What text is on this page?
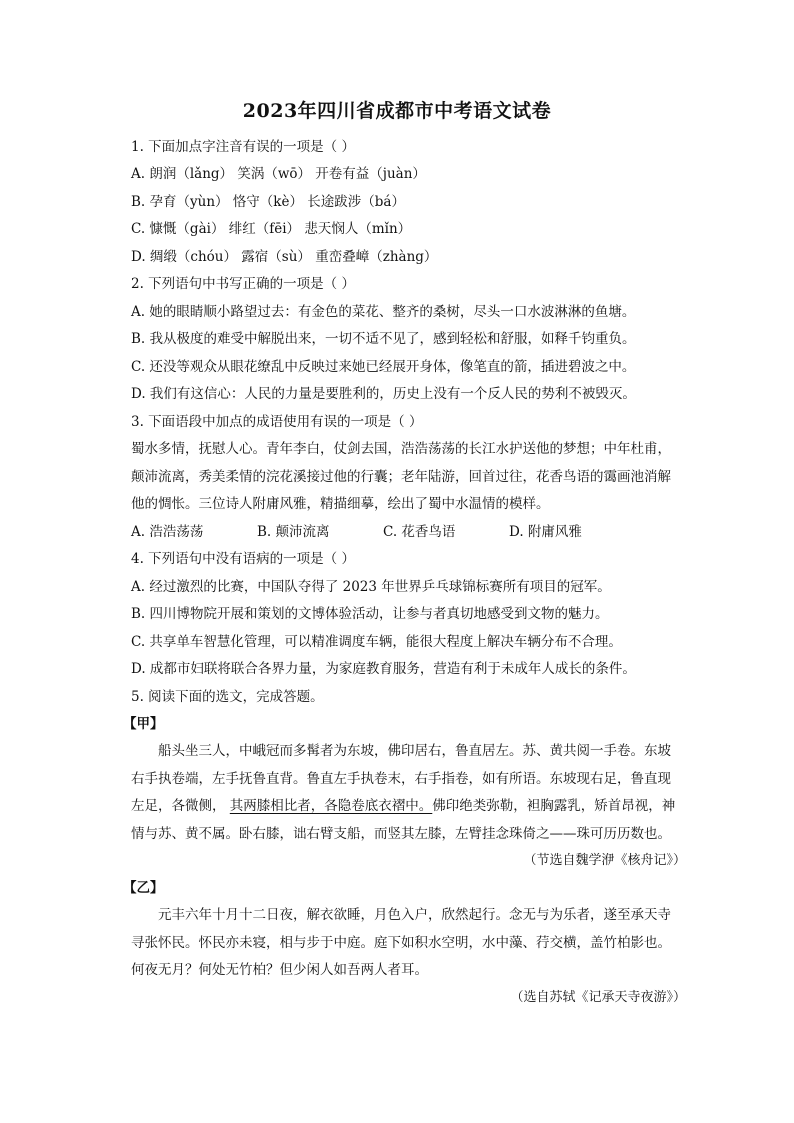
2023年四川省成都市中考语文试卷
1. 下面加点字注音有误的一项是（ ）
A. 朗润（lǎng） 笑涡（wō） 开卷有益（juàn）
B. 孕育（yùn） 恪守（kè） 长途跋涉（bá）
C. 慷慨（gài） 绯红（fēi） 悲天悯人（mǐn）
D. 绸缎（chóu） 露宿（sù） 重峦叠嶂（zhàng）
2. 下列语句中书写正确的一项是（ ）
A. 她的眼睛顺小路望过去：有金色的菜花、整齐的桑树，尽头一口水波淋淋的鱼塘。
B. 我从极度的难受中解脱出来，一切不适不见了，感到轻松和舒服，如释千钧重负。
C. 还没等观众从眼花缭乱中反映过来她已经展开身体，像笔直的箭，插进碧波之中。
D. 我们有这信心：人民的力量是要胜利的，历史上没有一个反人民的势利不被毁灭。
3. 下面语段中加点的成语使用有误的一项是（ ）
蜀水多情，抚慰人心。青年李白，仗剑去国，浩浩荡荡的长江水护送他的梦想；中年杜甫，
颠沛流离，秀美柔情的浣花溪接过他的行囊；老年陆游，回首过往，花香鸟语的霭画池消解
他的惆怅。三位诗人附庸风雅，精描细摹，绘出了蜀中水温情的模样。
A. 浩浩荡荡	B. 颠沛流离	C. 花香鸟语	D. 附庸风雅
4. 下列语句中没有语病的一项是（ ）
A. 经过激烈的比赛，中国队夺得了 2023 年世界乒乓球锦标赛所有项目的冠军。
B. 四川博物院开展和策划的文博体验活动，让参与者真切地感受到文物的魅力。
C. 共享单车智慧化管理，可以精准调度车辆，能很大程度上解决车辆分布不合理。
D. 成都市妇联将联合各界力量，为家庭教育服务，营造有利于未成年人成长的条件。
5. 阅读下面的选文，完成答题。
【甲】
船头坐三人，中峨冠而多髯者为东坡，佛印居右，鲁直居左。苏、黄共阅一手卷。东坡
右手执卷端，左手抚鲁直背。鲁直左手执卷末，右手指卷，如有所语。东坡现右足，鲁直现
左足，各微侧， 其两膝相比者，各隐卷底衣褶中。佛印绝类弥勒，袒胸露乳，矫首昂视，神
情与苏、黄不属。卧右膝，诎右臂支船，而竖其左膝，左臂挂念珠倚之——珠可历历数也。
（节选自魏学洢《核舟记》）
【乙】
元丰六年十月十二日夜，解衣欲睡，月色入户，欣然起行。念无与为乐者，遂至承天寺
寻张怀民。怀民亦未寝，相与步于中庭。庭下如积水空明，水中藻、荇交横，盖竹柏影也。
何夜无月？何处无竹柏？但少闲人如吾两人者耳。
（选自苏轼《记承天寺夜游》）
